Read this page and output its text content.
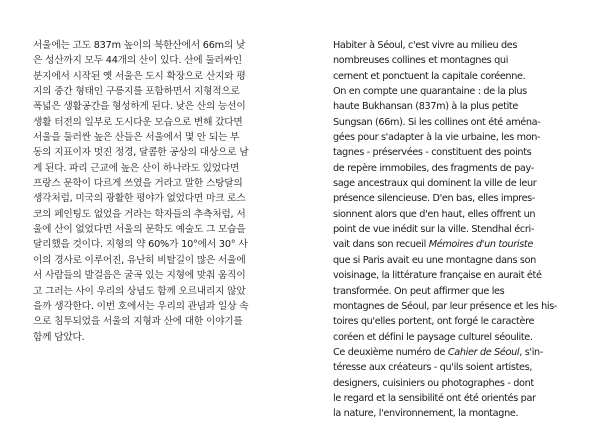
서울에는 고도 837m 높이의 북한산에서 66m의 낮
은 성산까지 모두 44개의 산이 있다. 산에 둘러싸인
분지에서 시작된 옛 서울은 도시 확장으로 산지와 평
지의 중간 형태인 구릉지를 포함하면서 지형적으로
폭넓은 생활공간을 형성하게 된다. 낮은 산의 능선이
생활 터전의 일부로 도시다운 모습으로 변해 갔다면
서울을 둘러싼 높은 산들은 서울에서 몇 안 되는 부
동의 지표이자 멋진 정경, 달콤한 공상의 대상으로 남
게 된다. 파리 근교에 높은 산이 하나라도 있었다면
프랑스 문학이 다르게 쓰였을 거라고 말한 스탕달의
생각처럼, 미국의 광활한 평야가 없었다면 마크 로스
코의 페인팅도 없었을 거라는 학자들의 추측처럼, 서
울에 산이 없었다면 서울의 문학도 예술도 그 모습을
달리했을 것이다. 지형의 약 60%가 10°에서 30° 사
이의 경사로 이루어진, 유난히 비탈길이 많은 서울에
서 사람들의 발걸음은 굴곡 있는 지형에 맞춰 움직이
고 그러는 사이 우리의 상념도 함께 오르내리지 않았
을까 생각한다. 이번 호에서는 우리의 관념과 일상 속
으로 침투되었을 서울의 지형과 산에 대한 이야기를
함께 담았다.

Habiter à Séoul, c'est vivre au milieu des
nombreuses collines et montagnes qui
cernent et ponctuent la capitale coréenne.
On en compte une quarantaine : de la plus
haute Bukhansan (837m) à la plus petite
Sungsan (66m). Si les collines ont été aména-
gées pour s'adapter à la vie urbaine, les mon-
tagnes - préservées - constituent des points
de repère immobiles, des fragments de pay-
sage ancestraux qui dominent la ville de leur
présence silencieuse. D'en bas, elles impres-
sionnent alors que d'en haut, elles offrent un
point de vue inédit sur la ville. Stendhal écri-
vait dans son recueil Mémoires d'un touriste
que si Paris avait eu une montagne dans son
voisinage, la littérature française en aurait été
transformée. On peut affirmer que les
montagnes de Séoul, par leur présence et les his-
toires qu'elles portent, ont forgé le caractère
coréen et défini le paysage culturel séoulite.
Ce deuxième numéro de Cahier de Séoul, s'in-
téresse aux créateurs - qu'ils soient artistes,
designers, cuisiniers ou photographes - dont
le regard et la sensibilité ont été orientés par
la nature, l'environnement, la montagne.
